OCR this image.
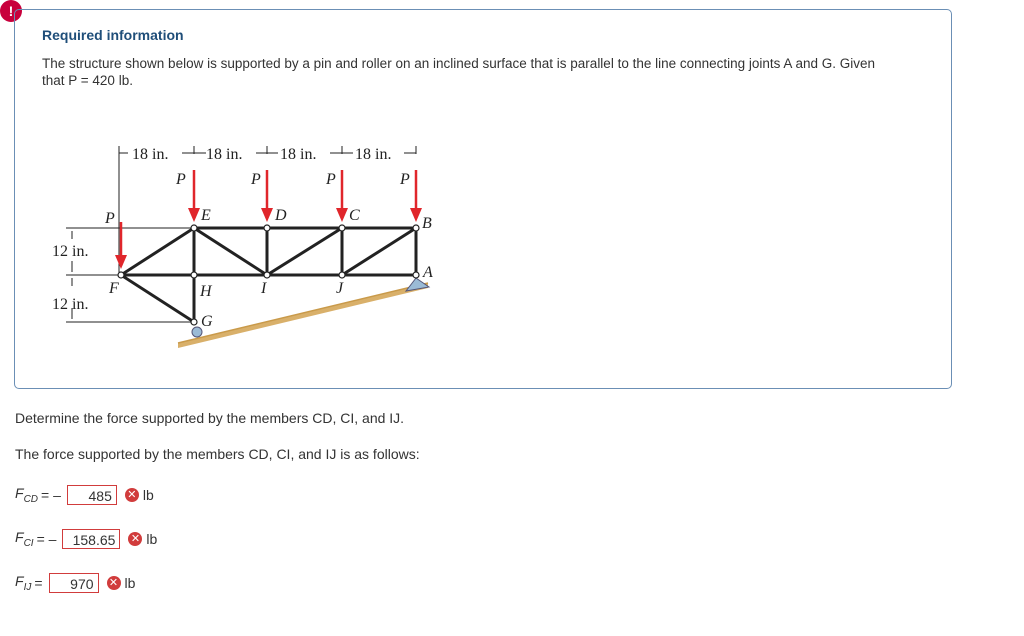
!
Required information
The structure shown below is supported by a pin and roller on an inclined surface that is parallel to the line connecting joints A and G. Given that P = 420 lb.
18 in. 18 in. 18 in. 18 in.
12 in.
12 in.
P	P	P	P
P	E	D	C	B
A
F	H	I	J
G
Determine the force supported by the members CD, CI, and IJ.
The force supported by the members CD, CI, and IJ is as follows:
$F_{CD}$ = –	485	✕ lb
$F_{CI}$ = –	158.65	✕ lb
$F_{IJ}$ =	970	✕ lb
